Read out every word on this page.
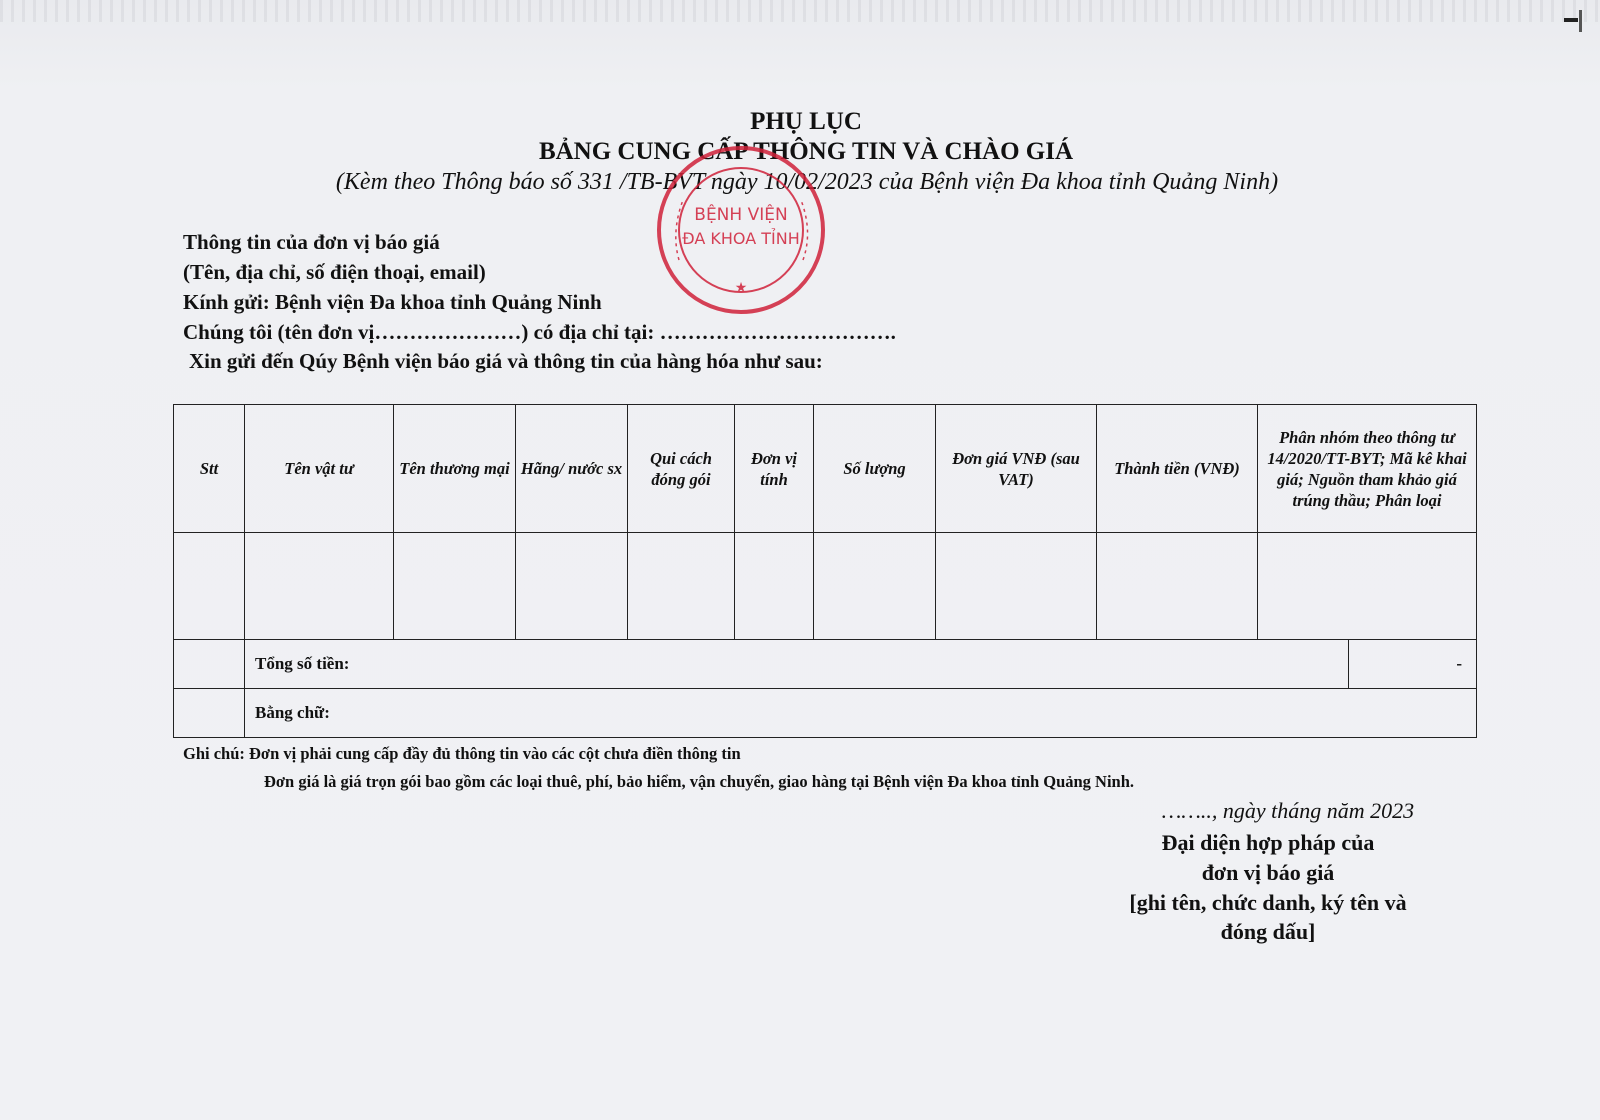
PHỤ LỤC
BẢNG CUNG CẤP THÔNG TIN VÀ CHÀO GIÁ
(Kèm theo Thông báo số 331 /TB-BVT ngày 10/02/2023 của Bệnh viện Đa khoa tỉnh Quảng Ninh)
BỆNH VIỆN
ĐA KHOA TỈNH
★
Thông tin của đơn vị báo giá
(Tên, địa chỉ, số điện thoại, email)
Kính gửi: Bệnh viện Đa khoa tỉnh Quảng Ninh
Chúng tôi (tên đơn vị…………………) có địa chỉ tại: …………………………….
Xin gửi đến Qúy Bệnh viện báo giá và thông tin của hàng hóa như sau:
Stt	Tên vật tư	Tên thương mại	Hãng/ nước sx	Qui cách đóng gói	Đơn vị tính	Số lượng	Đơn giá VNĐ (sau VAT)	Thành tiền (VNĐ)	Phân nhóm theo thông tư 14/2020/TT-BYT; Mã kê khai giá; Nguồn tham khảo giá trúng thầu; Phân loại	

	Tổng số tiền:									-
	Bằng chữ:									
Ghi chú: Đơn vị phải cung cấp đầy đủ thông tin vào các cột chưa điền thông tin
Đơn giá là giá trọn gói bao gồm các loại thuê, phí, bảo hiểm, vận chuyển, giao hàng tại Bệnh viện Đa khoa tỉnh Quảng Ninh.
…….., ngày tháng năm 2023
Đại diện hợp pháp của
đơn vị báo giá
[ghi tên, chức danh, ký tên và
đóng dấu]
